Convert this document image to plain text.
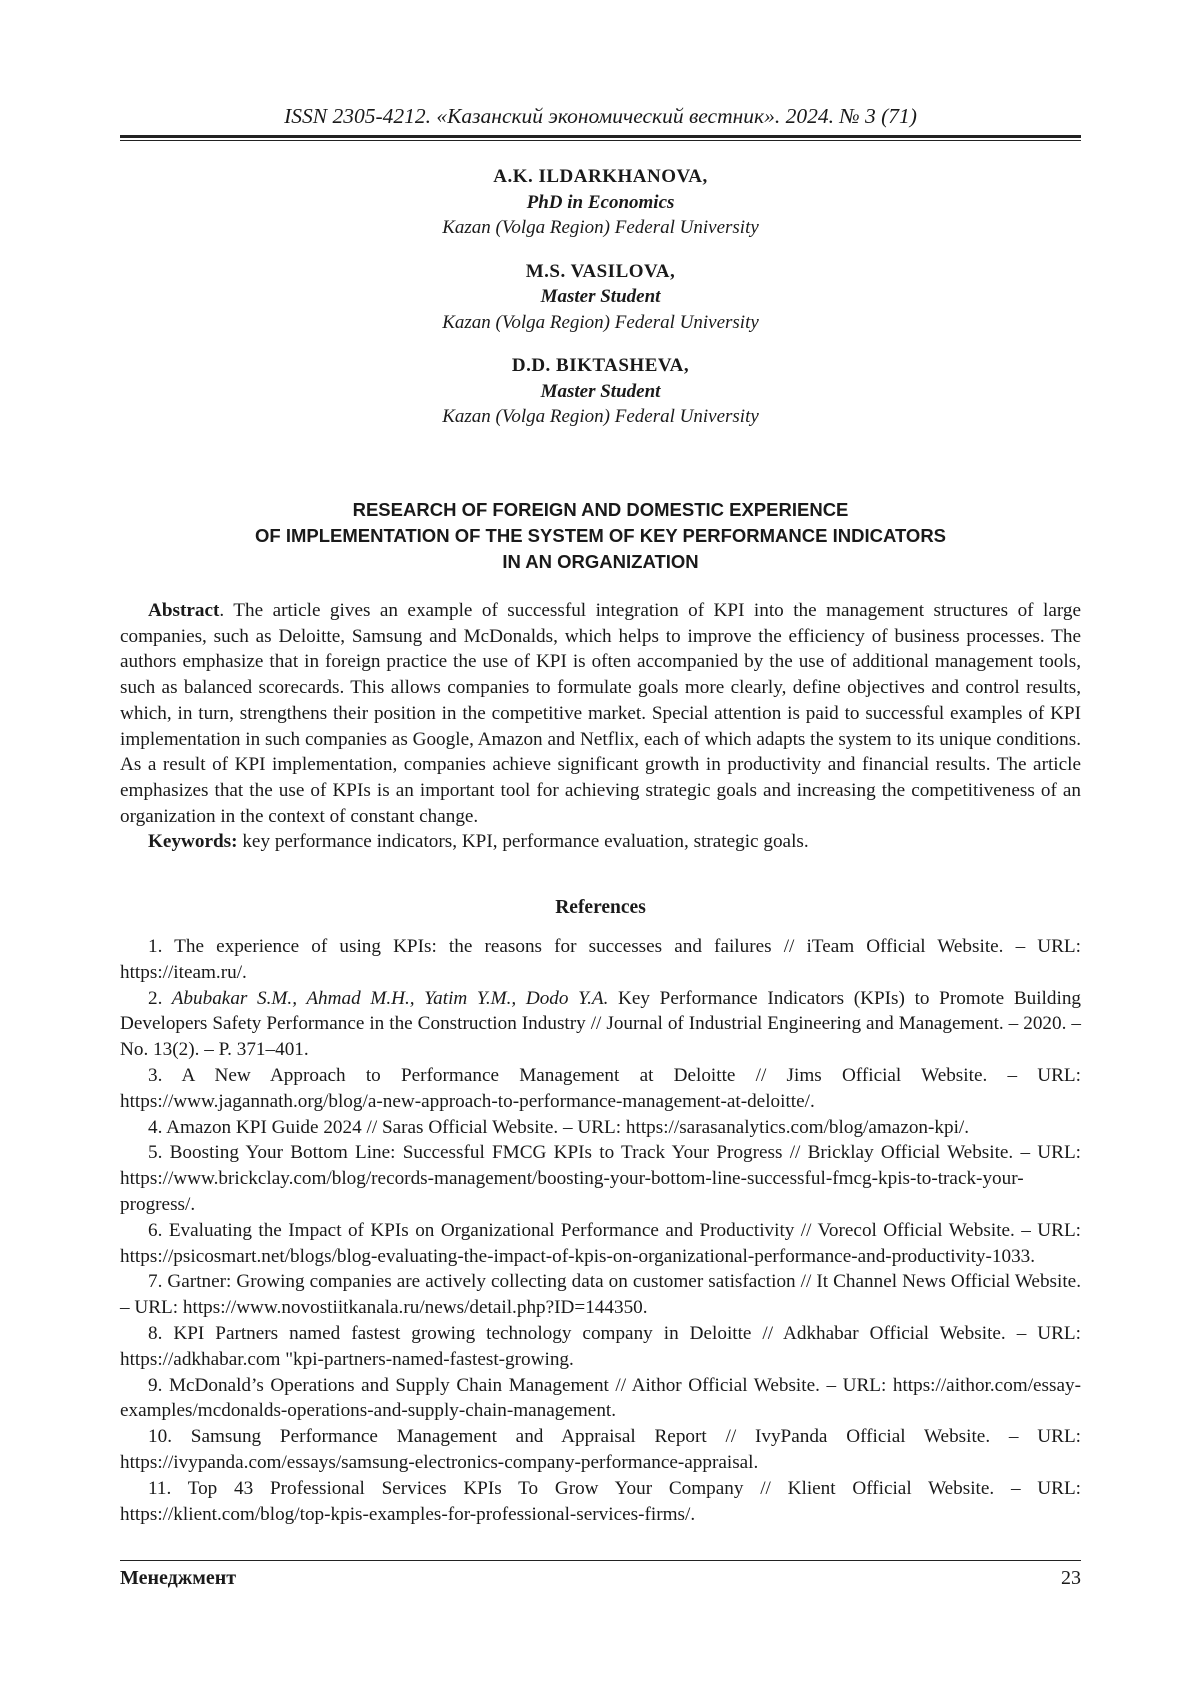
ISSN 2305-4212. «Казанский экономический вестник». 2024. № 3 (71)
A.K. ILDARKHANOVA,
PhD in Economics
Kazan (Volga Region) Federal University
M.S. VASILOVA,
Master Student
Kazan (Volga Region) Federal University
D.D. BIKTASHEVA,
Master Student
Kazan (Volga Region) Federal University
RESEARCH OF FOREIGN AND DOMESTIC EXPERIENCE
OF IMPLEMENTATION OF THE SYSTEM OF KEY PERFORMANCE INDICATORS
IN AN ORGANIZATION

Abstract. The article gives an example of successful integration of KPI into the management structures of large companies, such as Deloitte, Samsung and McDonalds, which helps to improve the efficiency of business processes. The authors emphasize that in foreign practice the use of KPI is often accompanied by the use of additional management tools, such as balanced scorecards. This allows companies to formulate goals more clearly, define objectives and control results, which, in turn, strengthens their position in the competitive market. Special attention is paid to successful examples of KPI implementation in such companies as Google, Amazon and Netflix, each of which adapts the system to its unique conditions. As a result of KPI implementation, companies achieve significant growth in productivity and financial results. The article emphasizes that the use of KPIs is an important tool for achieving strategic goals and increasing the competitiveness of an organization in the context of constant change.

Keywords: key performance indicators, KPI, performance evaluation, strategic goals.

References

1. The experience of using KPIs: the reasons for successes and failures // iTeam Official Website. – URL: https://iteam.ru/.

2. Abubakar S.M., Ahmad M.H., Yatim Y.M., Dodo Y.A. Key Performance Indicators (KPIs) to Promote Building Developers Safety Performance in the Construction Industry // Journal of Industrial Engineering and Management. – 2020. – No. 13(2). – P. 371–401.

3. A New Approach to Performance Management at Deloitte // Jims Official Website. – URL: https://www.jagannath.org/blog/a-new-approach-to-performance-management-at-deloitte/.

4. Amazon KPI Guide 2024 // Saras Official Website. – URL: https://sarasanalytics.com/blog/amazon-kpi/.

5. Boosting Your Bottom Line: Successful FMCG KPIs to Track Your Progress // Bricklay Official Website. – URL: https://www.brickclay.com/blog/records-management/boosting-your-bottom-line-successful-fmcg-kpis-to-track-your-progress/.

6. Evaluating the Impact of KPIs on Organizational Performance and Productivity // Vorecol Official Website. – URL: https://psicosmart.net/blogs/blog-evaluating-the-impact-of-kpis-on-organizational-performance-and-productivity-1033.

7. Gartner: Growing companies are actively collecting data on customer satisfaction // It Channel News Official Website. – URL: https://www.novostiitkanala.ru/news/detail.php?ID=144350.

8. KPI Partners named fastest growing technology company in Deloitte // Adkhabar Official Website. – URL: https://adkhabar.com "kpi-partners-named-fastest-growing.

9. McDonald’s Operations and Supply Chain Management // Aithor Official Website. – URL: https://aithor.com/essay-examples/mcdonalds-operations-and-supply-chain-management.

10. Samsung Performance Management and Appraisal Report // IvyPanda Official Website. – URL: https://ivypanda.com/essays/samsung-electronics-company-performance-appraisal.

11. Top 43 Professional Services KPIs To Grow Your Company // Klient Official Website. – URL: https://klient.com/blog/top-kpis-examples-for-professional-services-firms/.

Менеджмент	23
